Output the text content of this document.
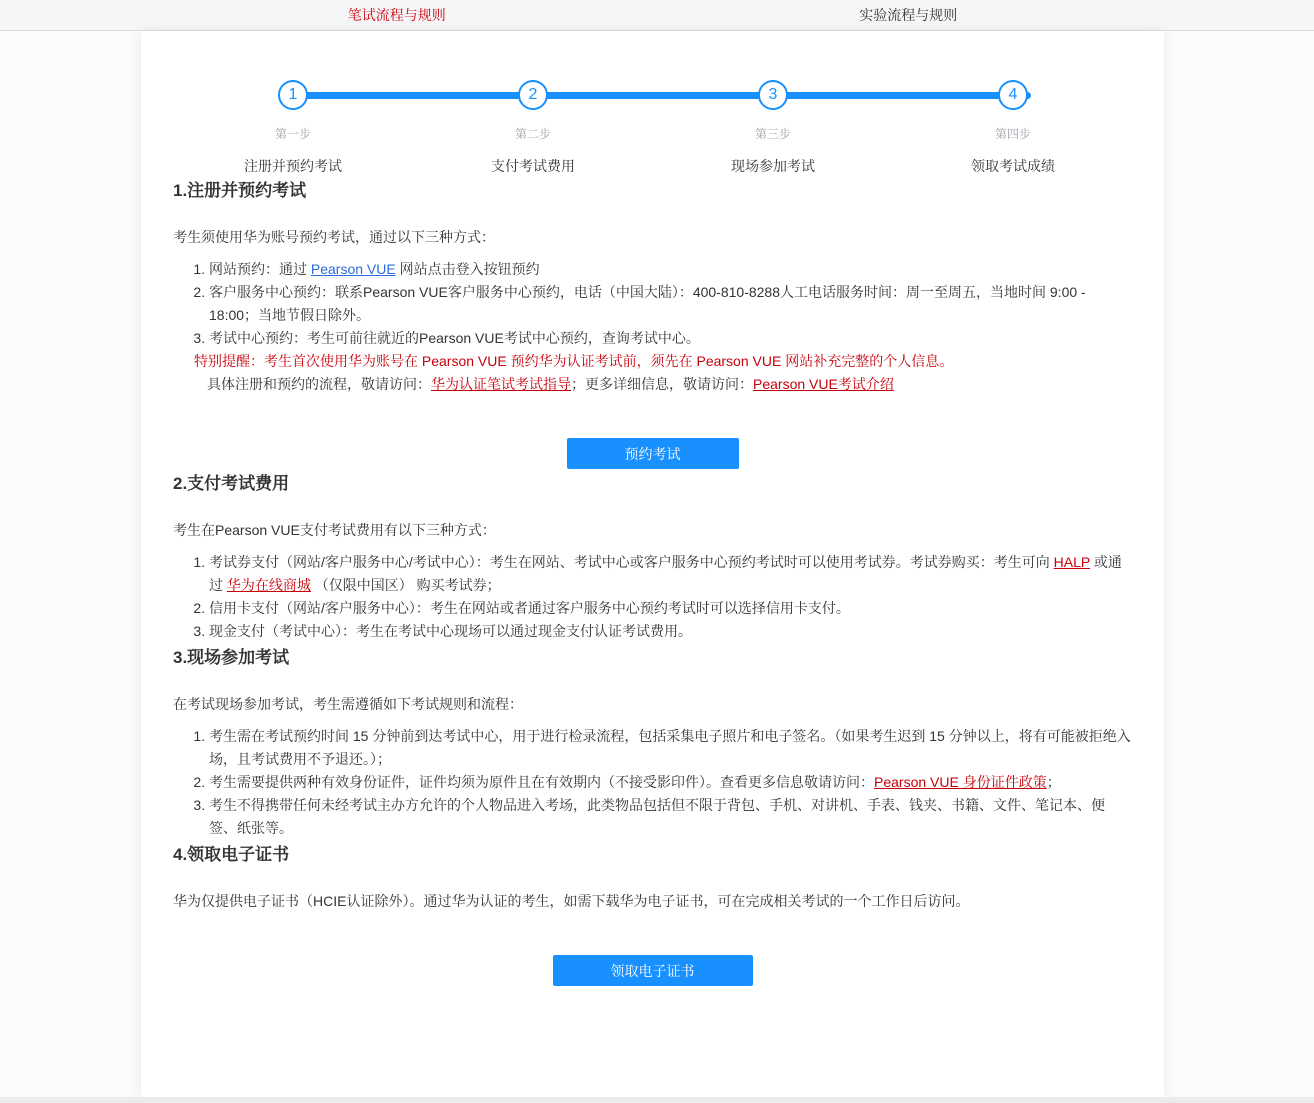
笔试流程与规则	实验流程与规则
1
第一步
注册并预约考试
2
第二步
支付考试费用
3
第三步
现场参加考试
4
第四步
领取考试成绩
1.注册并预约考试

考生须使用华为账号预约考试，通过以下三种方式：

1. 网站预约：通过 Pearson VUE 网站点击登入按钮预约
2. 客户服务中心预约：联系Pearson VUE客户服务中心预约，电话（中国大陆）：400-810-8288人工电话服务时间：周一至周五，当地时间 9:00 - 18:00；当地节假日除外。
3. 考试中心预约：考生可前往就近的Pearson VUE考试中心预约，查询考试中心。
特别提醒：考生首次使用华为账号在 Pearson VUE 预约华为认证考试前，须先在 Pearson VUE 网站补充完整的个人信息。
具体注册和预约的流程，敬请访问：华为认证笔试考试指导；更多详细信息，敬请访问：Pearson VUE考试介绍
预约考试
2.支付考试费用

考生在Pearson VUE支付考试费用有以下三种方式：

1. 考试券支付（网站/客户服务中心/考试中心）：考生在网站、考试中心或客户服务中心预约考试时可以使用考试券。考试券购买：考生可向 HALP 或通过 华为在线商城 （仅限中国区） 购买考试券；
2. 信用卡支付（网站/客户服务中心）：考生在网站或者通过客户服务中心预约考试时可以选择信用卡支付。
3. 现金支付（考试中心）：考生在考试中心现场可以通过现金支付认证考试费用。
3.现场参加考试

在考试现场参加考试，考生需遵循如下考试规则和流程：

1. 考生需在考试预约时间 15 分钟前到达考试中心，用于进行检录流程，包括采集电子照片和电子签名。（如果考生迟到 15 分钟以上，将有可能被拒绝入场，且考试费用不予退还。）；
2. 考生需要提供两种有效身份证件，证件均须为原件且在有效期内（不接受影印件）。查看更多信息敬请访问：Pearson VUE 身份证件政策；
3. 考生不得携带任何未经考试主办方允许的个人物品进入考场，此类物品包括但不限于背包、手机、对讲机、手表、钱夹、书籍、文件、笔记本、便签、纸张等。
4.领取电子证书

华为仅提供电子证书（HCIE认证除外）。通过华为认证的考生，如需下载华为电子证书，可在完成相关考试的一个工作日后访问。

领取电子证书
